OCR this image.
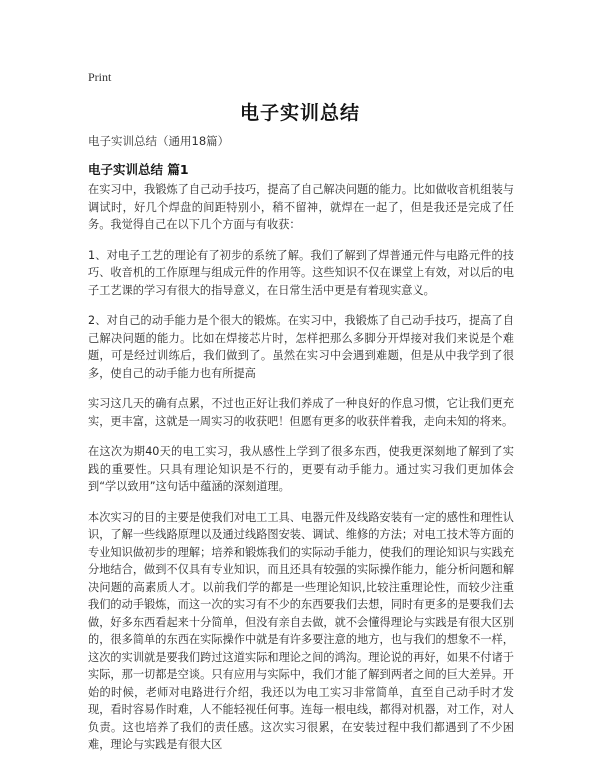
Print
电子实训总结
电子实训总结（通用18篇）
电子实训总结 篇1

在实习中，我锻炼了自己动手技巧，提高了自己解决问题的能力。比如做收音机组装与调试时，好几个焊盘的间距特别小，稍不留神，就焊在一起了，但是我还是完成了任务。我觉得自己在以下几个方面与有收获：

1、对电子工艺的理论有了初步的系统了解。我们了解到了焊普通元件与电路元件的技巧、收音机的工作原理与组成元件的作用等。这些知识不仅在课堂上有效，对以后的电子工艺课的学习有很大的指导意义，在日常生活中更是有着现实意义。

2、对自己的动手能力是个很大的锻炼。在实习中，我锻炼了自己动手技巧，提高了自己解决问题的能力。比如在焊接芯片时，怎样把那么多脚分开焊接对我们来说是个难题，可是经过训练后，我们做到了。虽然在实习中会遇到难题，但是从中我学到了很多，使自己的动手能力也有所提高

实习这几天的确有点累，不过也正好让我们养成了一种良好的作息习惯，它让我们更充实，更丰富，这就是一周实习的收获吧！但愿有更多的收获伴着我，走向未知的将来。

在这次为期40天的电工实习，我从感性上学到了很多东西，使我更深刻地了解到了实践的重要性。只具有理论知识是不行的，更要有动手能力。通过实习我们更加体会到“学以致用”这句话中蕴涵的深刻道理。

本次实习的目的主要是使我们对电工工具、电器元件及线路安装有一定的感性和理性认识，了解一些线路原理以及通过线路图安装、调试、维修的方法；对电工技术等方面的专业知识做初步的理解；培养和锻炼我们的实际动手能力，使我们的理论知识与实践充分地结合，做到不仅具有专业知识，而且还具有较强的实际操作能力，能分析问题和解决问题的高素质人才。以前我们学的都是一些理论知识,比较注重理论性，而较少注重我们的动手锻炼，而这一次的实习有不少的东西要我们去想，同时有更多的是要我们去做，好多东西看起来十分简单，但没有亲自去做，就不会懂得理论与实践是有很大区别的，很多简单的东西在实际操作中就是有许多要注意的地方，也与我们的想象不一样，这次的实训就是要我们跨过这道实际和理论之间的鸿沟。理论说的再好，如果不付诸于实际，那一切都是空谈。只有应用与实际中，我们才能了解到两者之间的巨大差异。开始的时候，老师对电路进行介绍，我还以为电工实习非常简单，直至自己动手时才发现，看时容易作时难，人不能轻视任何事。连每一根电线，都得对机器，对工作，对人负责。这也培养了我们的责任感。这次实习很累，在安装过程中我们都遇到了不少困难，理论与实践是有很大区
